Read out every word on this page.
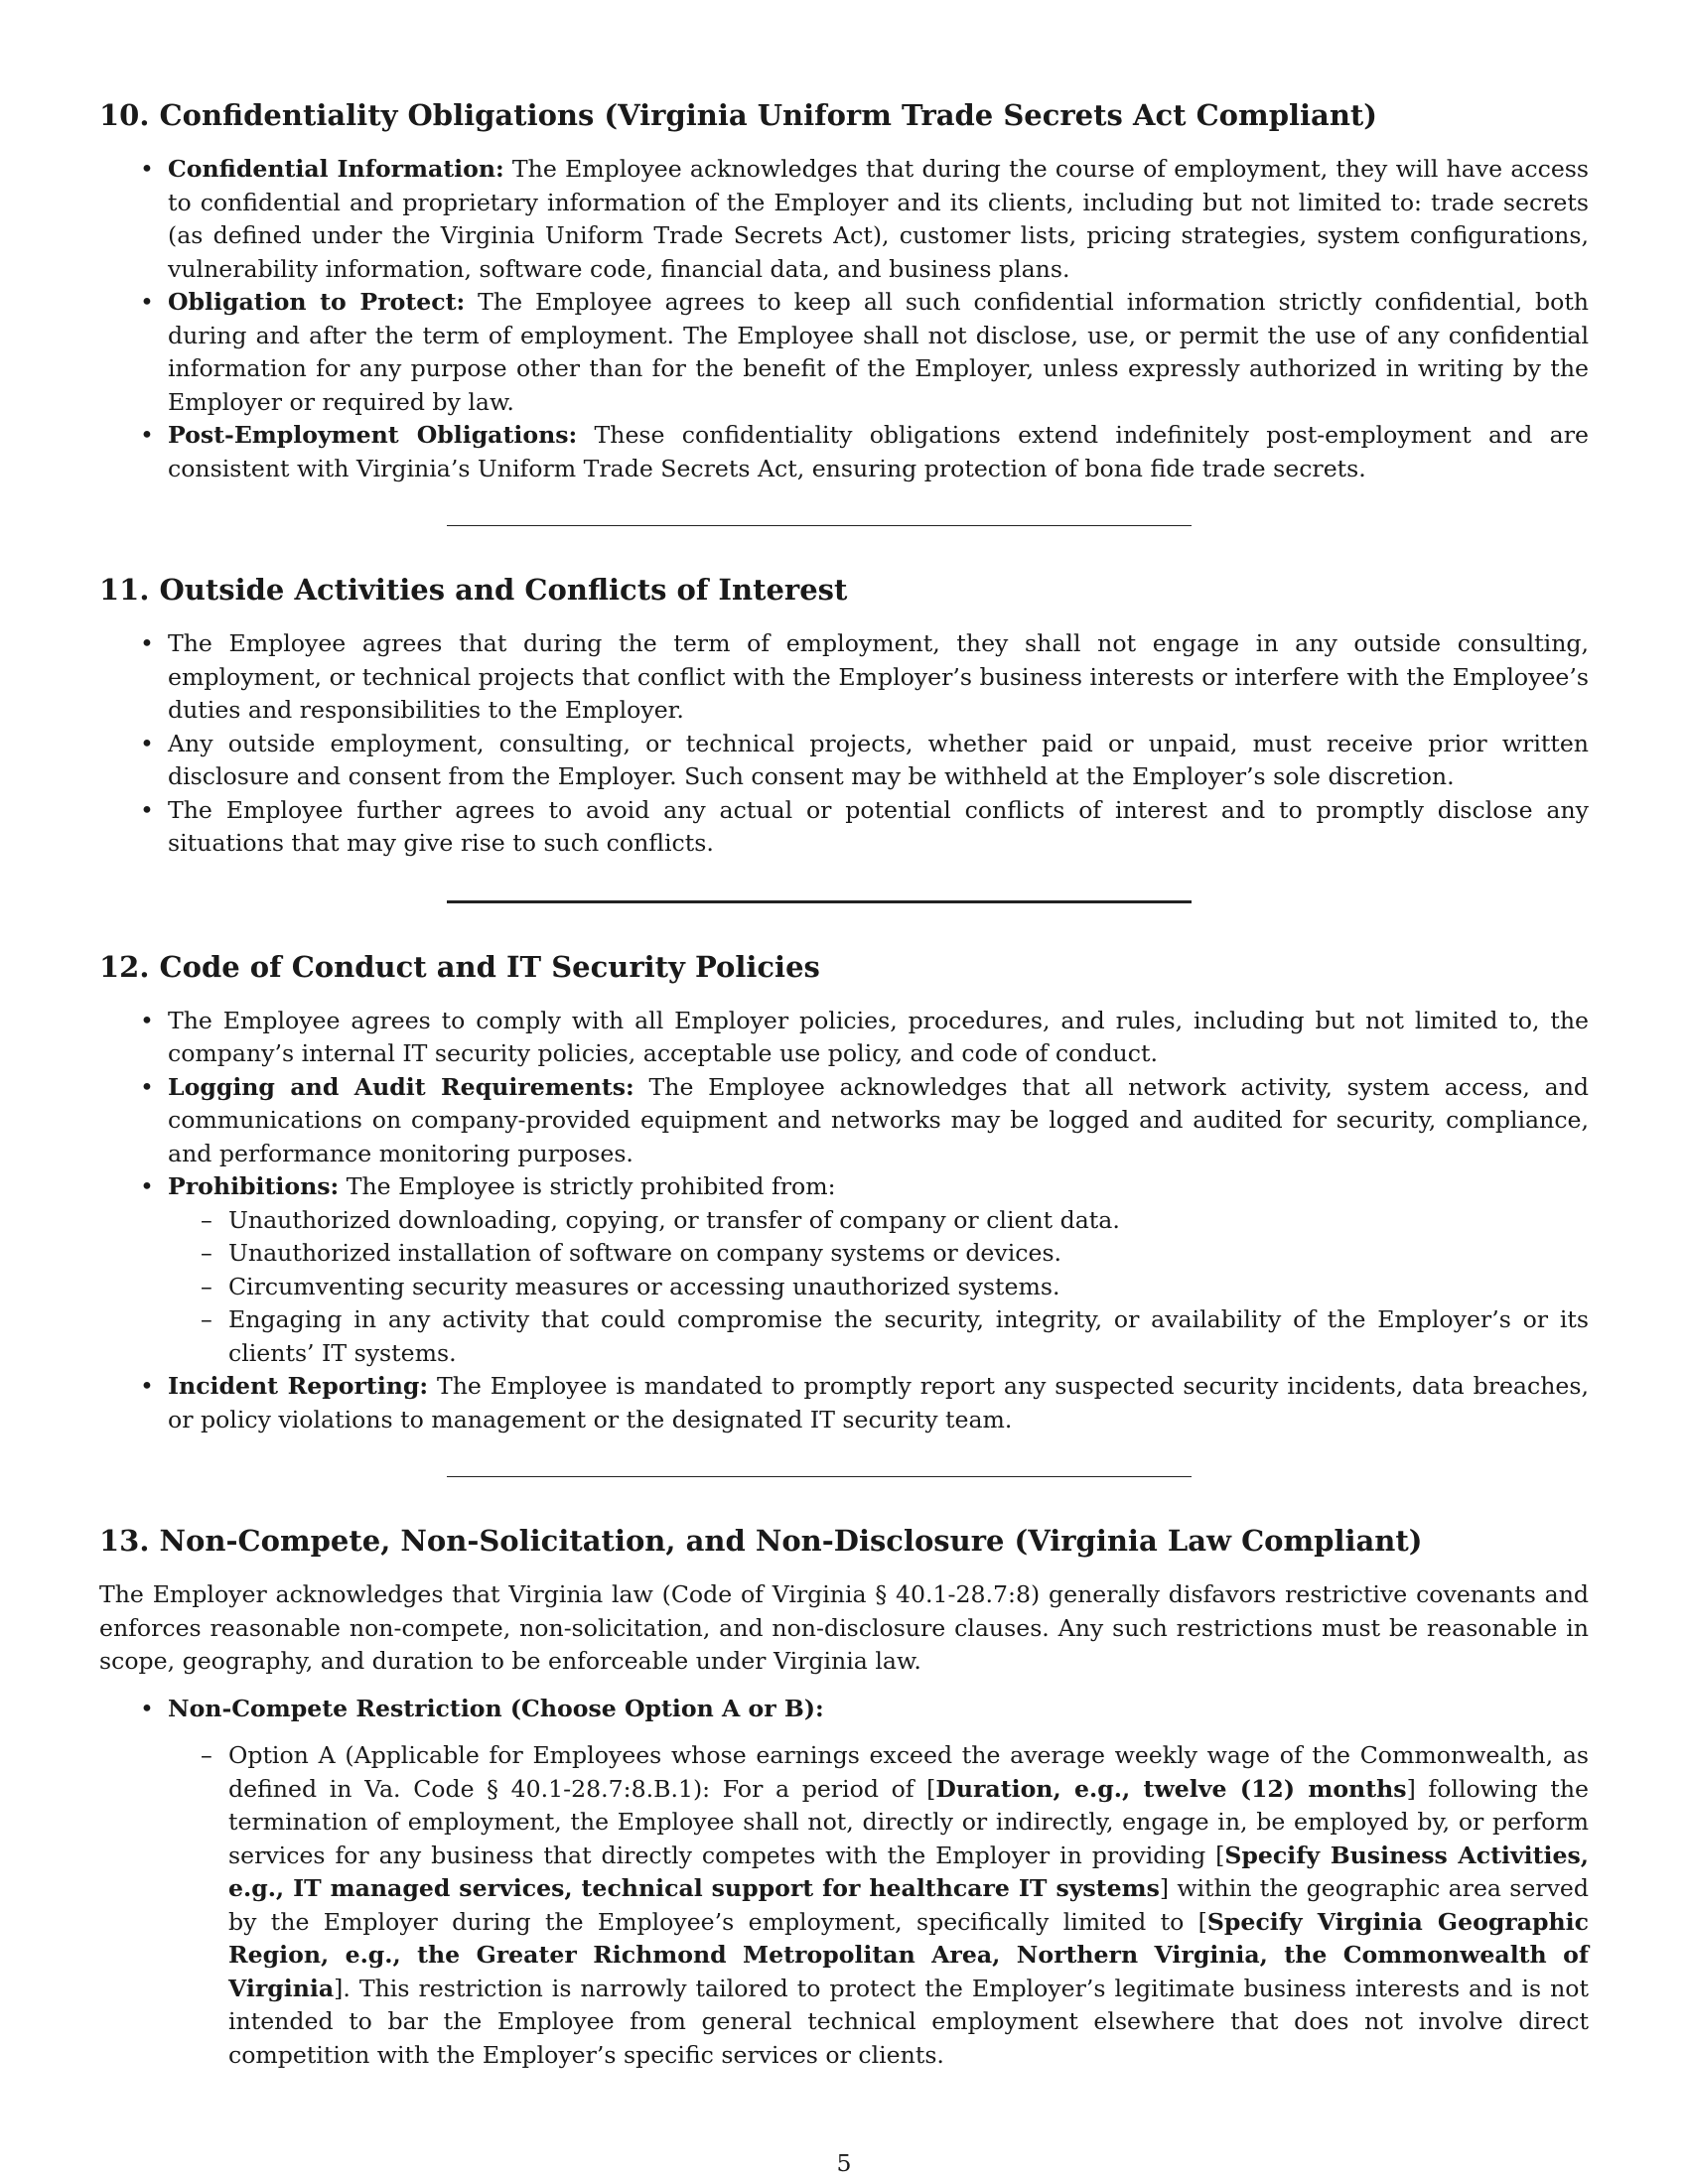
10. Confidentiality Obligations (Virginia Uniform Trade Secrets Act Compliant)
• Confidential Information: The Employee acknowledges that during the course of employment, they will have access to confidential and proprietary information of the Employer and its clients, including but not limited to: trade secrets (as defined under the Virginia Uniform Trade Secrets Act), customer lists, pricing strategies, system configurations, vulnerability information, software code, financial data, and business plans.
• Obligation to Protect: The Employee agrees to keep all such confidential information strictly confidential, both during and after the term of employment. The Employee shall not disclose, use, or permit the use of any confidential information for any purpose other than for the benefit of the Employer, unless expressly authorized in writing by the Employer or required by law.
• Post-Employment Obligations: These confidentiality obligations extend indefinitely post-employment and are consistent with Virginia’s Uniform Trade Secrets Act, ensuring protection of bona fide trade secrets.
11. Outside Activities and Conflicts of Interest
• The Employee agrees that during the term of employment, they shall not engage in any outside consulting, employment, or technical projects that conflict with the Employer’s business interests or interfere with the Employee’s duties and responsibilities to the Employer.
• Any outside employment, consulting, or technical projects, whether paid or unpaid, must receive prior written disclosure and consent from the Employer. Such consent may be withheld at the Employer’s sole discretion.
• The Employee further agrees to avoid any actual or potential conflicts of interest and to promptly disclose any situations that may give rise to such conflicts.
12. Code of Conduct and IT Security Policies
• The Employee agrees to comply with all Employer policies, procedures, and rules, including but not limited to, the company’s internal IT security policies, acceptable use policy, and code of conduct.
• Logging and Audit Requirements: The Employee acknowledges that all network activity, system access, and communications on company-provided equipment and networks may be logged and audited for security, compliance, and performance monitoring purposes.
• Prohibitions: The Employee is strictly prohibited from:
– Unauthorized downloading, copying, or transfer of company or client data.
– Unauthorized installation of software on company systems or devices.
– Circumventing security measures or accessing unauthorized systems.
– Engaging in any activity that could compromise the security, integrity, or availability of the Employer’s or its clients’ IT systems.
• Incident Reporting: The Employee is mandated to promptly report any suspected security incidents, data breaches, or policy violations to management or the designated IT security team.
13. Non-Compete, Non-Solicitation, and Non-Disclosure (Virginia Law Compliant)

The Employer acknowledges that Virginia law (Code of Virginia § 40.1-28.7:8) generally disfavors restrictive covenants and enforces reasonable non-compete, non-solicitation, and non-disclosure clauses. Any such restrictions must be reasonable in scope, geography, and duration to be enforceable under Virginia law.

• Non-Compete Restriction (Choose Option A or B):
– Option A (Applicable for Employees whose earnings exceed the average weekly wage of the Commonwealth, as defined in Va. Code § 40.1-28.7:8.B.1): For a period of [Duration, e.g., twelve (12) months] following the termination of employment, the Employee shall not, directly or indirectly, engage in, be employed by, or perform services for any business that directly competes with the Employer in providing [Specify Business Activities, e.g., IT managed services, technical support for healthcare IT systems] within the geographic area served by the Employer during the Employee’s employment, specifically limited to [Specify Virginia Geographic Region, e.g., the Greater Richmond Metropolitan Area, Northern Virginia, the Commonwealth of Virginia]. This restriction is narrowly tailored to protect the Employer’s legitimate business interests and is not intended to bar the Employee from general technical employment elsewhere that does not involve direct competition with the Employer’s specific services or clients.
5
